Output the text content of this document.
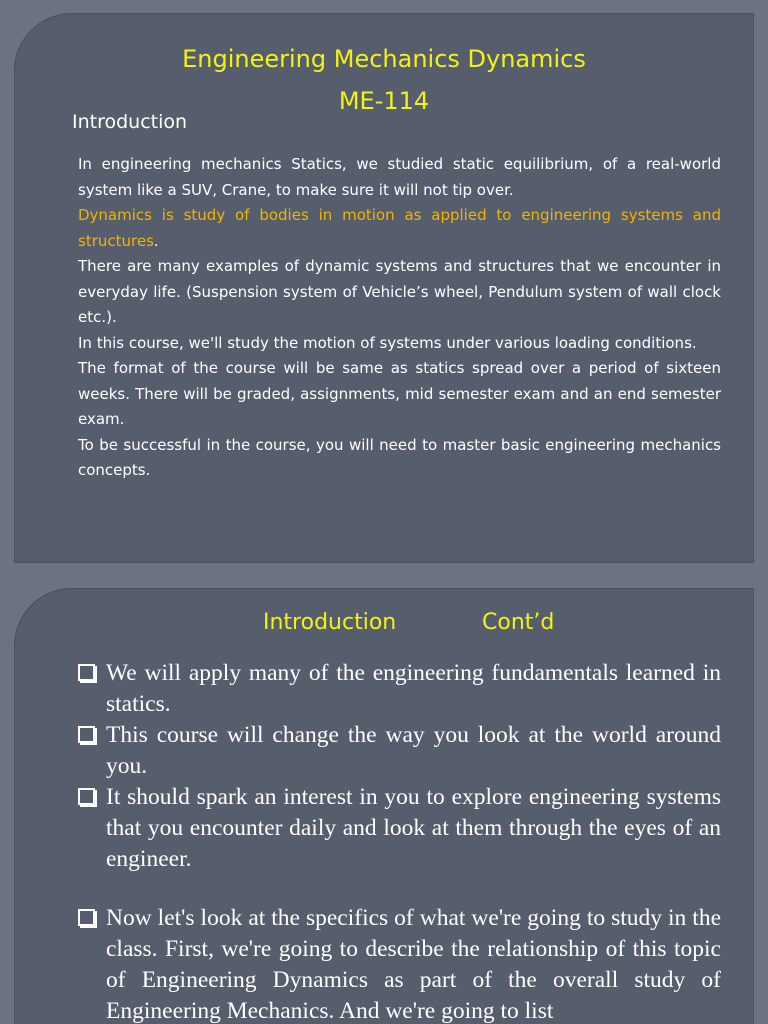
Engineering Mechanics Dynamics
ME-114
Introduction

In engineering mechanics Statics, we studied static equilibrium, of a real-world system like a SUV, Crane, to make sure it will not tip over.

Dynamics is study of bodies in motion as applied to engineering systems and structures.

There are many examples of dynamic systems and structures that we encounter in everyday life. (Suspension system of Vehicle’s wheel, Pendulum system of wall clock etc.).

In this course, we'll study the motion of systems under various loading conditions.

The format of the course will be same as statics spread over a period of sixteen weeks. There will be graded, assignments, mid semester exam and an end semester exam.

To be successful in the course, you will need to master basic engineering mechanics concepts.

Introduction	Cont’d
We will apply many of the engineering fundamentals learned in statics.
This course will change the way you look at the world around you.
It should spark an interest in you to explore engineering systems that you encounter daily and look at them through the eyes of an engineer.
Now let's look at the specifics of what we're going to study in the class. First, we're going to describe the relationship of this topic of Engineering Dynamics as part of the overall study of Engineering Mechanics. And we're going to list
